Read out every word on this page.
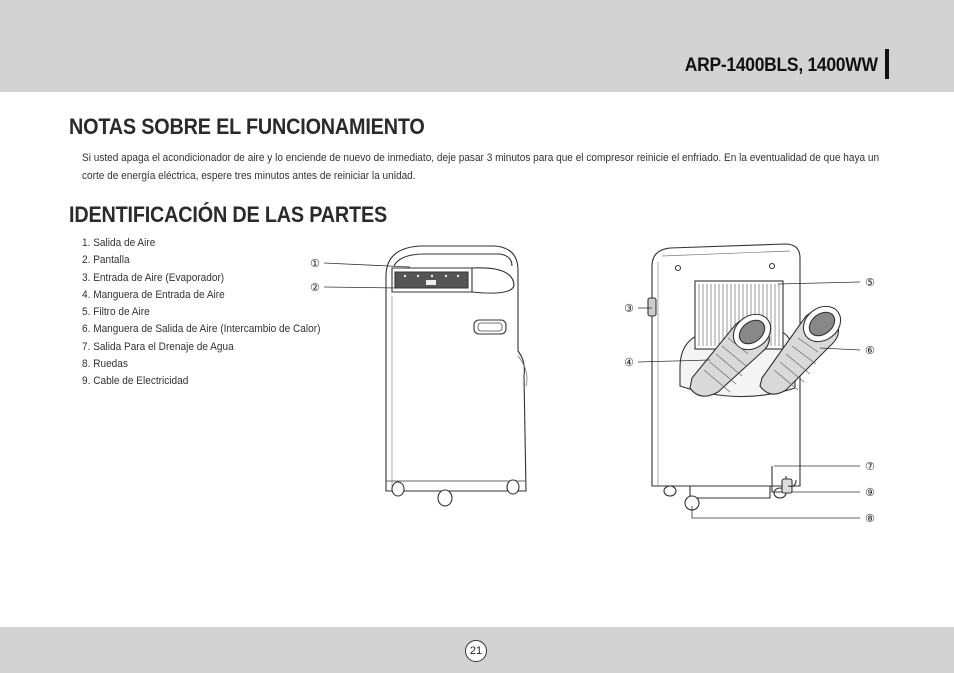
ARP-1400BLS, 1400WW
NOTAS SOBRE EL FUNCIONAMIENTO
Si usted apaga el acondicionador de aire y lo enciende de nuevo de inmediato, deje pasar 3 minutos para que el compresor reinicie el enfriado. En la eventualidad de que haya un
corte de energía eléctrica, espere tres minutos antes de reiniciar la unidad.
IDENTIFICACIÓN DE LAS PARTES
1. Salida de Aire
2. Pantalla
3. Entrada de Aire (Evaporador)
4. Manguera de Entrada de Aire
5. Filtro de Aire
6. Manguera de Salida de Aire (Intercambio de Calor)
7. Salida Para el Drenaje de Agua
8. Ruedas
9. Cable de Electricidad
①
②
③
④
⑤
⑥
⑦
⑨
⑧
21
